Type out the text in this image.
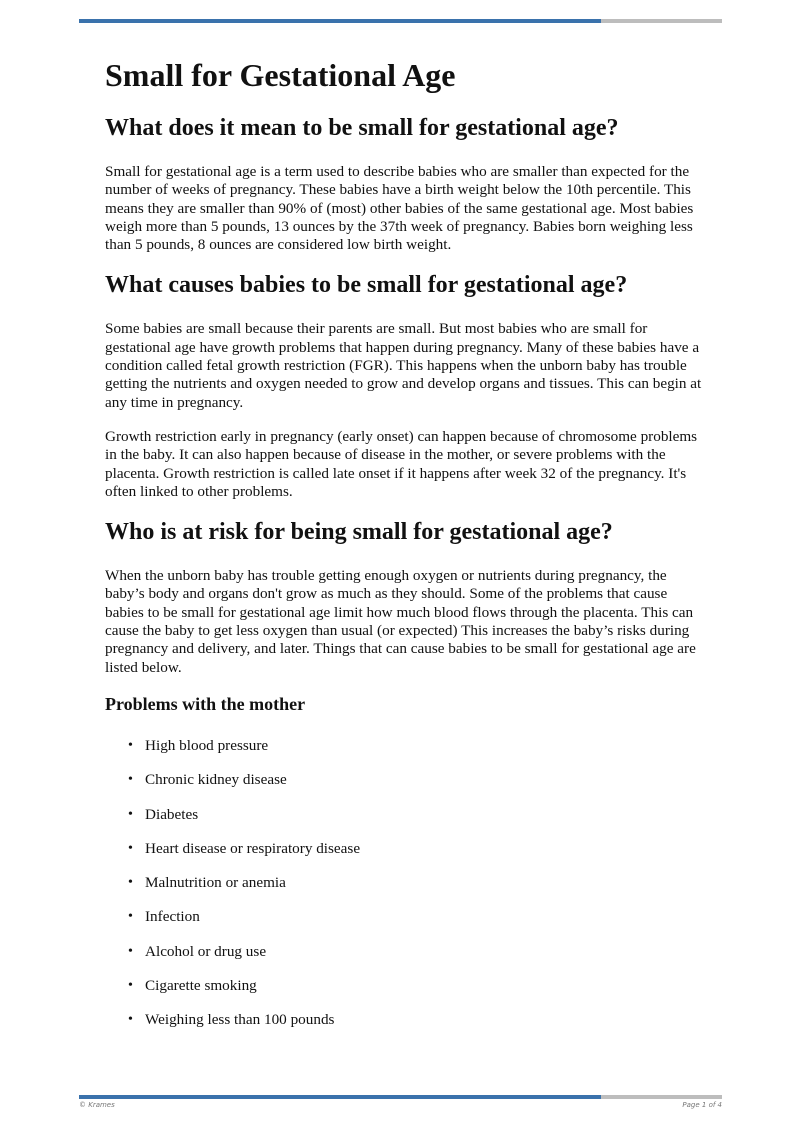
Small for Gestational Age
What does it mean to be small for gestational age?

Small for gestational age is a term used to describe babies who are smaller than expected for the number of weeks of pregnancy. These babies have a birth weight below the 10th percentile. This means they are smaller than 90% of (most) other babies of the same gestational age. Most babies weigh more than 5 pounds, 13 ounces by the 37th week of pregnancy. Babies born weighing less than 5 pounds, 8 ounces are considered low birth weight.

What causes babies to be small for gestational age?

Some babies are small because their parents are small. But most babies who are small for gestational age have growth problems that happen during pregnancy. Many of these babies have a condition called fetal growth restriction (FGR). This happens when the unborn baby has trouble getting the nutrients and oxygen needed to grow and develop organs and tissues. This can begin at any time in pregnancy.

Growth restriction early in pregnancy (early onset) can happen because of chromosome problems in the baby. It can also happen because of disease in the mother, or severe problems with the placenta. Growth restriction is called late onset if it happens after week 32 of the pregnancy. It's often linked to other problems.

Who is at risk for being small for gestational age?

When the unborn baby has trouble getting enough oxygen or nutrients during pregnancy, the baby’s body and organs don't grow as much as they should. Some of the problems that cause babies to be small for gestational age limit how much blood flows through the placenta. This can cause the baby to get less oxygen than usual (or expected) This increases the baby’s risks during pregnancy and delivery, and later. Things that can cause babies to be small for gestational age are listed below.

Problems with the mother
• High blood pressure
• Chronic kidney disease
• Diabetes
• Heart disease or respiratory disease
• Malnutrition or anemia
• Infection
• Alcohol or drug use
• Cigarette smoking
• Weighing less than 100 pounds
© Krames	Page 1 of 4
